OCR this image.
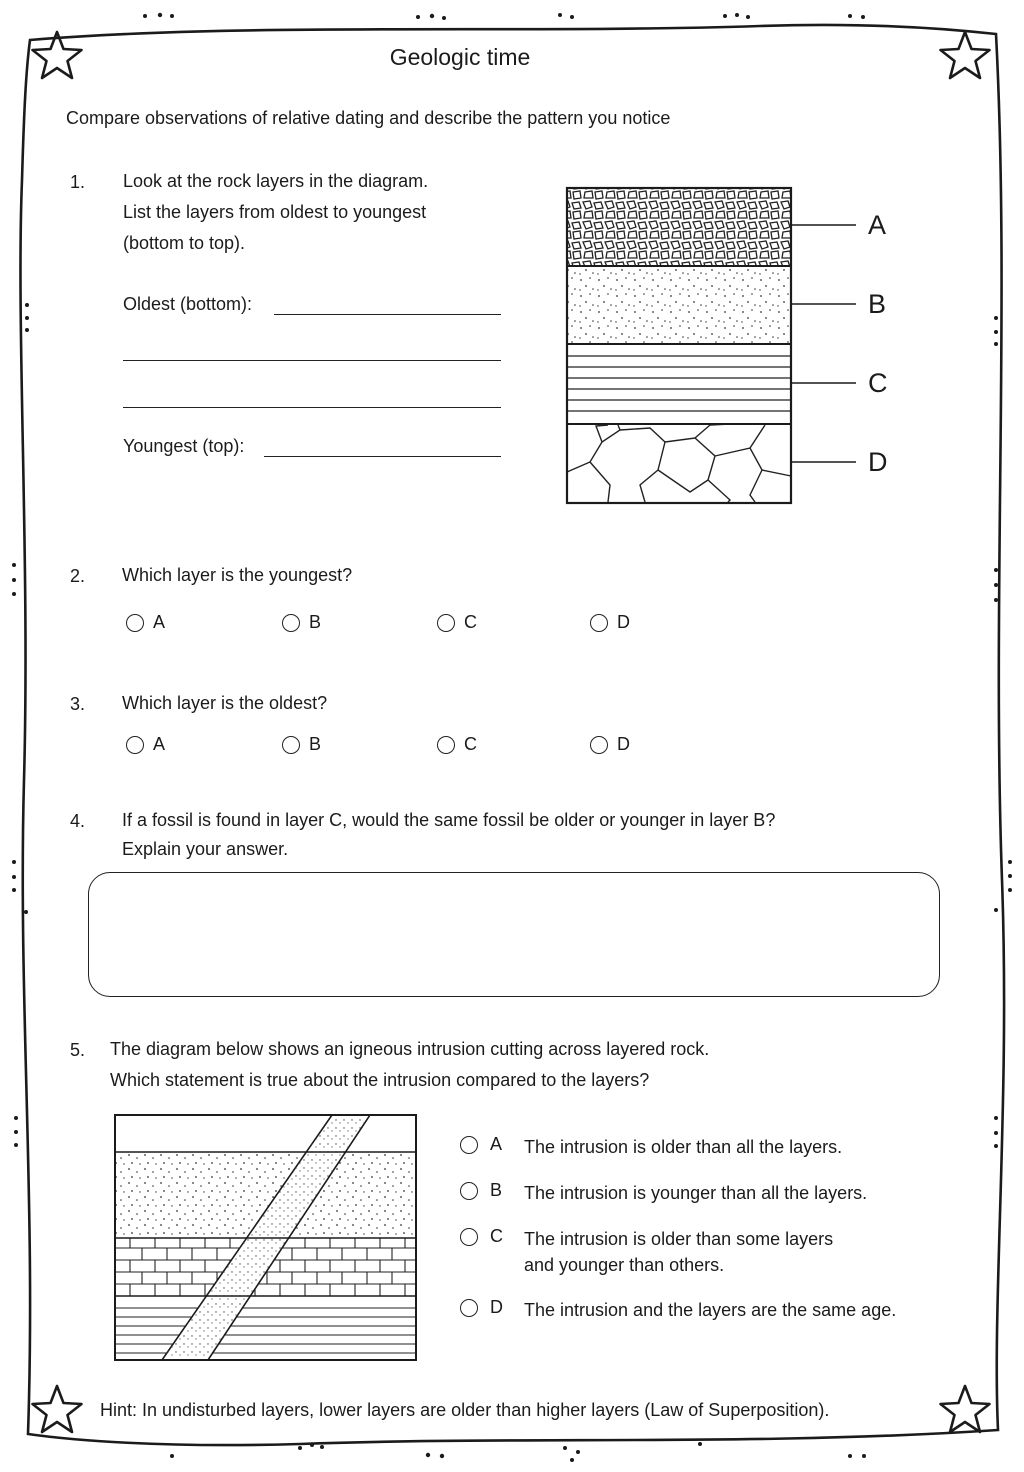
Geologic time
Compare observations of relative dating and describe the pattern you notice
1. Look at the rock layers in the diagram.
List the layers from oldest to youngest
(bottom to top).
Oldest (bottom):
Youngest (top):
A
B
C
D
2. Which layer is the youngest?
A	B	C	D
3. Which layer is the oldest?
A	B	C	D
4. If a fossil is found in layer C, would the same fossil be older or younger in layer B?
Explain your answer.
5. The diagram below shows an igneous intrusion cutting across layered rock.
Which statement is true about the intrusion compared to the layers?
A The intrusion is older than all the layers.
B The intrusion is younger than all the layers.
C The intrusion is older than some layers and younger than others.
D The intrusion and the layers are the same age.
Hint: In undisturbed layers, lower layers are older than higher layers (Law of Superposition).
